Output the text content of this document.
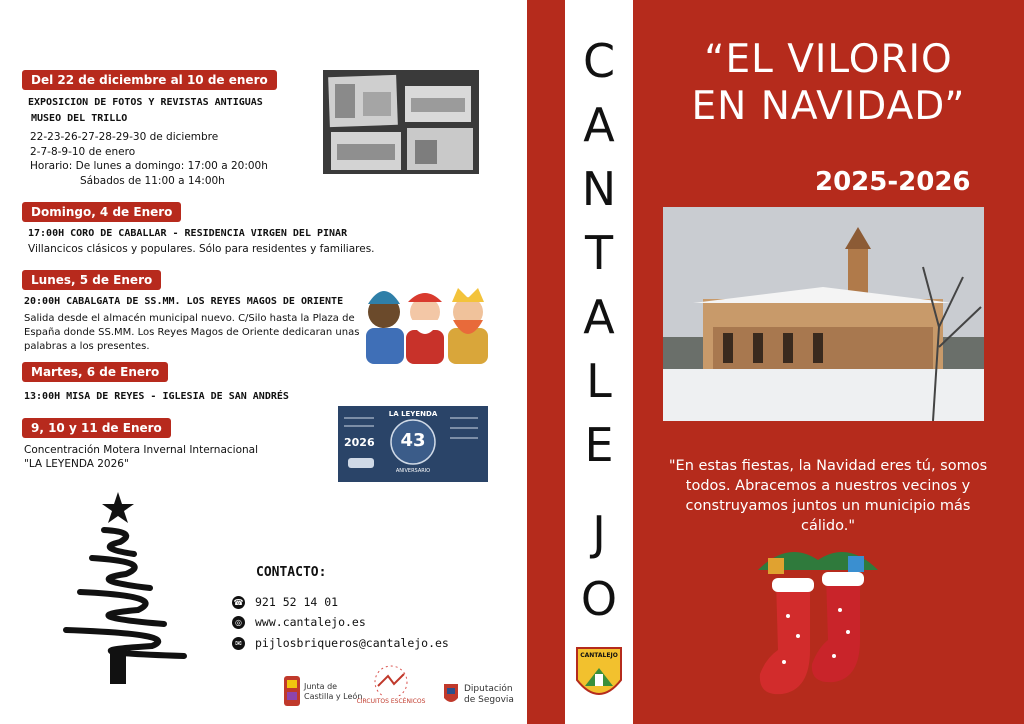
Del 22 de diciembre al 10 de enero
EXPOSICION DE FOTOS Y REVISTAS ANTIGUAS
MUSEO DEL TRILLO
22-23-26-27-28-29-30 de diciembre
2-7-8-9-10 de enero
Horario: De lunes a domingo: 17:00 a 20:00h
Sábados de 11:00 a 14:00h
Domingo, 4 de Enero
17:00H CORO DE CABALLAR - RESIDENCIA VIRGEN DEL PINAR
Villancicos clásicos y populares. Sólo para residentes y familiares.
Lunes, 5 de Enero
20:00H CABALGATA DE SS.MM. LOS REYES MAGOS DE ORIENTE
Salida desde el almacén municipal nuevo. C/Silo hasta la Plaza de España donde SS.MM. Los Reyes Magos de Oriente dedicaran unas palabras a los presentes.
Martes, 6 de Enero
13:00H MISA DE REYES - IGLESIA DE SAN ANDRÉS
9, 10 y 11 de Enero
Concentración Motera Invernal Internacional
"LA LEYENDA 2026"
LA LEYENDA
43
ANIVERSARIO
2026
CONTACTO:
☎ 921 52 14 01
◎ www.cantalejo.es
✉ pijlosbriqueros@cantalejo.es
Junta de
Castilla y León
CIRCUITOS ESCÉNICOS
Diputación
de Segovia
C
A
N
T
A
L
E
J
O
CANTALEJO
“EL VILORIO
EN NAVIDAD”
2025-2026
"En estas fiestas, la Navidad eres tú, somos todos. Abracemos a nuestros vecinos y construyamos juntos un municipio más cálido."
